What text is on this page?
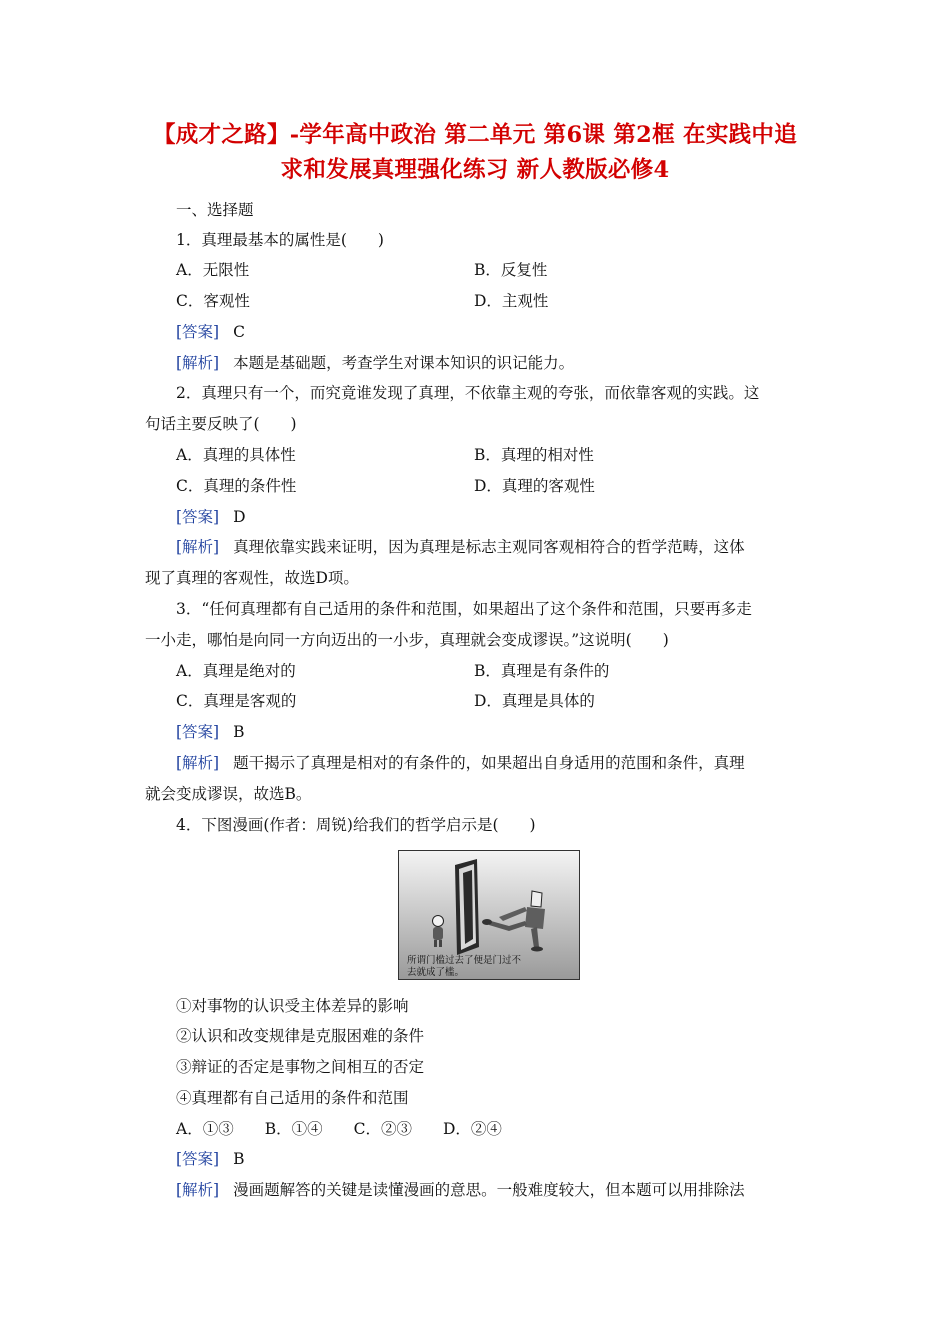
【成才之路】-学年高中政治 第二单元 第6课 第2框 在实践中追
求和发展真理强化练习 新人教版必修4
一、选择题
1．真理最基本的属性是(　　)
A．无限性	B．反复性
C．客观性	D．主观性
[答案] C
[解析] 本题是基础题，考查学生对课本知识的识记能力。
2．真理只有一个，而究竟谁发现了真理，不依靠主观的夸张，而依靠客观的实践。这
句话主要反映了(　　)
A．真理的具体性	B．真理的相对性
C．真理的条件性	D．真理的客观性
[答案] D
[解析] 真理依靠实践来证明，因为真理是标志主观同客观相符合的哲学范畴，这体
现了真理的客观性，故选D项。
3．“任何真理都有自己适用的条件和范围，如果超出了这个条件和范围，只要再多走
一小走，哪怕是向同一方向迈出的一小步，真理就会变成谬误。”这说明(　　)
A．真理是绝对的	B．真理是有条件的
C．真理是客观的	D．真理是具体的
[答案] B
[解析] 题干揭示了真理是相对的有条件的，如果超出自身适用的范围和条件，真理
就会变成谬误，故选B。
4．下图漫画(作者：周锐)给我们的哲学启示是(　　)
所谓门槛过去了便是门过不
去就成了槛。
①对事物的认识受主体差异的影响
②认识和改变规律是克服困难的条件
③辩证的否定是事物之间相互的否定
④真理都有自己适用的条件和范围
A．①③　　B．①④　　C．②③　　D．②④
[答案] B
[解析] 漫画题解答的关键是读懂漫画的意思。一般难度较大，但本题可以用排除法
